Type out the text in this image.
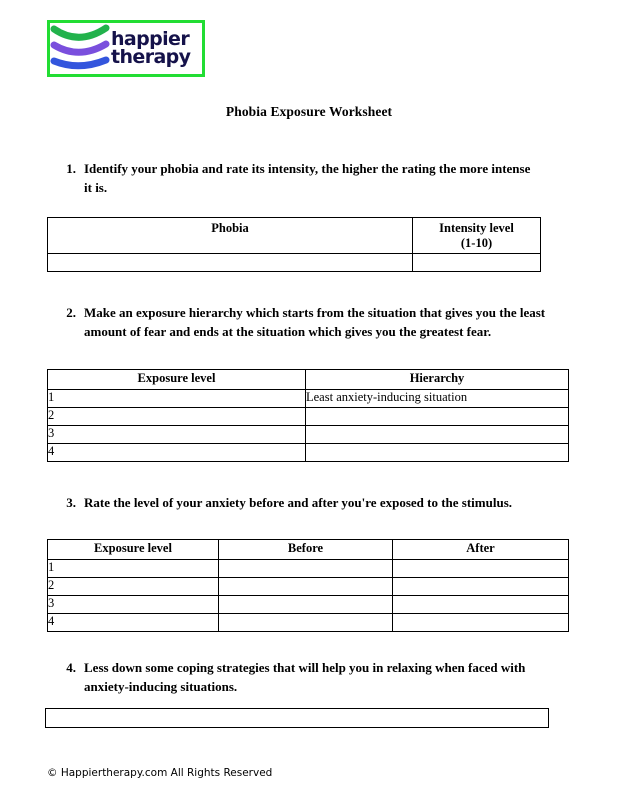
happier
therapy
Phobia Exposure Worksheet
1. Identify your phobia and rate its intensity, the higher the rating the more intense it is.
Phobia	Intensity level
(1-10)

2. Make an exposure hierarchy which starts from the situation that gives you the least amount of fear and ends at the situation which gives you the greatest fear.
Exposure level	Hierarchy
1	Least anxiety-inducing situation
2	
3	
4	
3. Rate the level of your anxiety before and after you're exposed to the stimulus.
Exposure level	Before	After
1		
2		
3		
4		
4. Less down some coping strategies that will help you in relaxing when faced with anxiety-inducing situations.
© Happiertherapy.com All Rights Reserved
